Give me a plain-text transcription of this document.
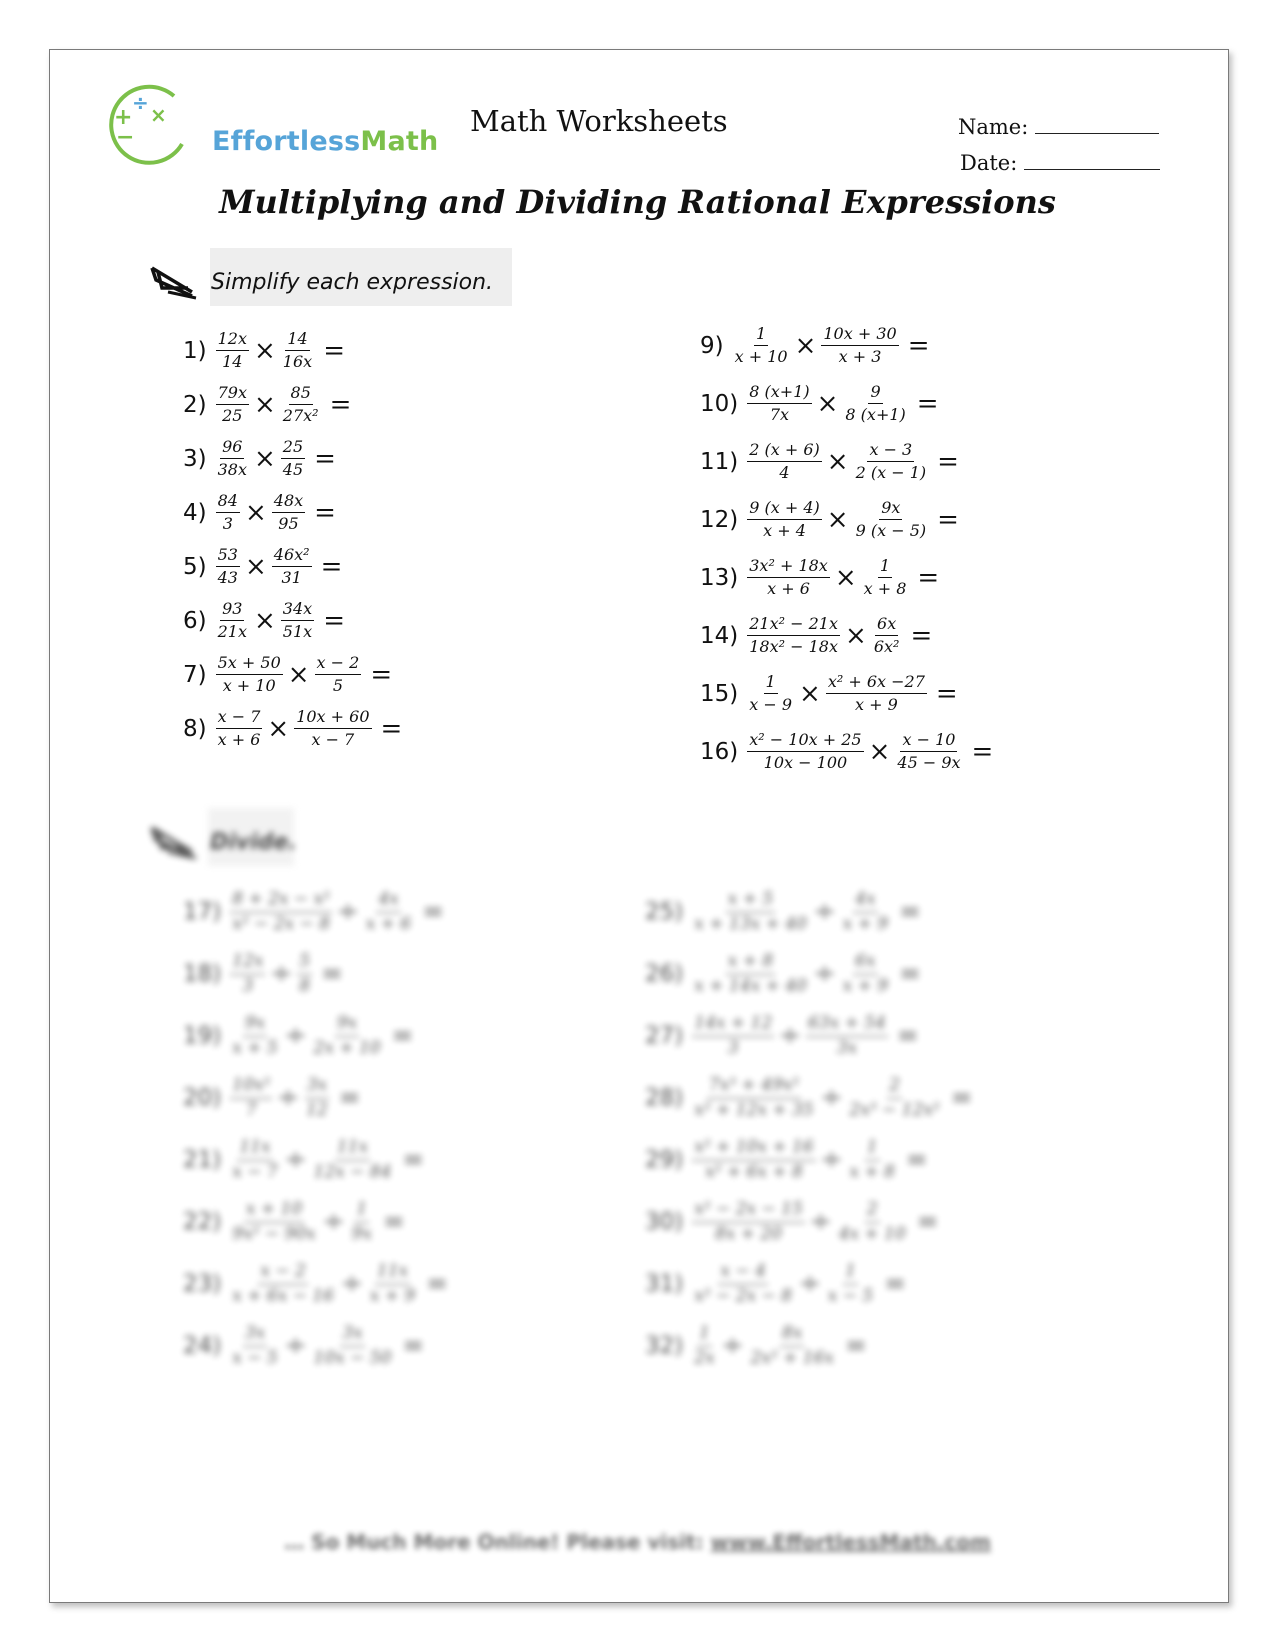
+
÷ ×
−	EffortlessMath
Math Worksheets	Name:
Date:
Multiplying and Dividing Rational Expressions
Simplify each expression.
$1) \frac{12x}{14} \times \frac{14}{16x}$ =
$2) \frac{79x}{25} \times \frac{85}{\text{27x²}}$ =
$3) \frac{96}{38x} \times \frac{25}{45}$ =
$4) \frac{84}{3} \times \frac{48x}{95}$ =
$5) \frac{53}{43} \times \frac{\text{46x²}}{31}$ =
$6) \frac{93}{21x} \times \frac{34x}{51x}$ =
$7) \frac{5x + 50}{x + 10} \times \frac{x - 2}{5}$ =
$8) \frac{x - 7}{x + 6} \times \frac{10x + 60}{x - 7}$ =
$9) \frac{1}{x + 10} \times \frac{10x + 30}{x + 3}$ =
$10) \frac{8 (x+1)}{7x} \times \frac{9}{8 (x+1)}$ =
$11) \frac{2 (x + 6)}{4} \times \frac{x - 3}{2 (x - 1)}$ =
$12) \frac{9 (x + 4)}{x + 4} \times \frac{9x}{9 (x - 5)}$ =
$13) \frac{\text{3x² + 18x}}{x + 6} \times \frac{1}{x + 8}$ =
$14) \frac{\text{21x² − 21x}}{\text{18x² − 18x}} \times \frac{6x}{\text{6x²}}$ =
$15) \frac{1}{x - 9} \times \frac{\text{x² + 6x −27}}{x + 9}$ =
$16) \frac{\text{x² − 10x + 25}}{10x - 100} \times \frac{x - 10}{45 - 9x}$ =
Divide.
$17) \frac{\text{8 + 2x − x²}}{\text{x² − 2x − 8}} \div \frac{4x}{x + 6}$ =
$18) \frac{12x}{3} \div \frac{5}{8}$ =
$19) \frac{9x}{x + 5} \div \frac{9x}{2x + 10}$ =
$20) \frac{\text{10x²}}{7} \div \frac{3x}{12}$ =
$21) \frac{11x}{x - 7} \div \frac{11x}{12x - 84}$ =
$22) \frac{x + 10}{\text{9x² − 90x}} \div \frac{1}{9x}$ =
$23) \frac{x - 2}{x + 6x - 16} \div \frac{11x}{x + 9}$ =
$24) \frac{3x}{x - 5} \div \frac{3x}{10x - 50}$ =
$25) \frac{x + 5}{x + 13x + 40} \div \frac{4x}{x + 9}$ =
$26) \frac{x + 8}{x + 14x + 40} \div \frac{6x}{x + 9}$ =
$27) \frac{14x + 12}{3} \div \frac{63x + 54}{3x}$ =
$28) \frac{\text{7x³ + 49x²}}{\text{x² + 12x + 35}} \div \frac{2}{\text{2x³ − 12x²}}$ =
$29) \frac{\text{x² + 10x + 16}}{\text{x² + 6x + 8}} \div \frac{1}{x + 8}$ =
$30) \frac{\text{x² − 2x − 15}}{8x + 20} \div \frac{2}{4x + 10}$ =
$31) \frac{x - 4}{\text{x² − 2x − 8}} \div \frac{1}{x - 5}$ =
$32) \frac{1}{2x} \div \frac{8x}{\text{2x² + 16x}}$ =
… So Much More Online! Please visit: www.EffortlessMath.com
